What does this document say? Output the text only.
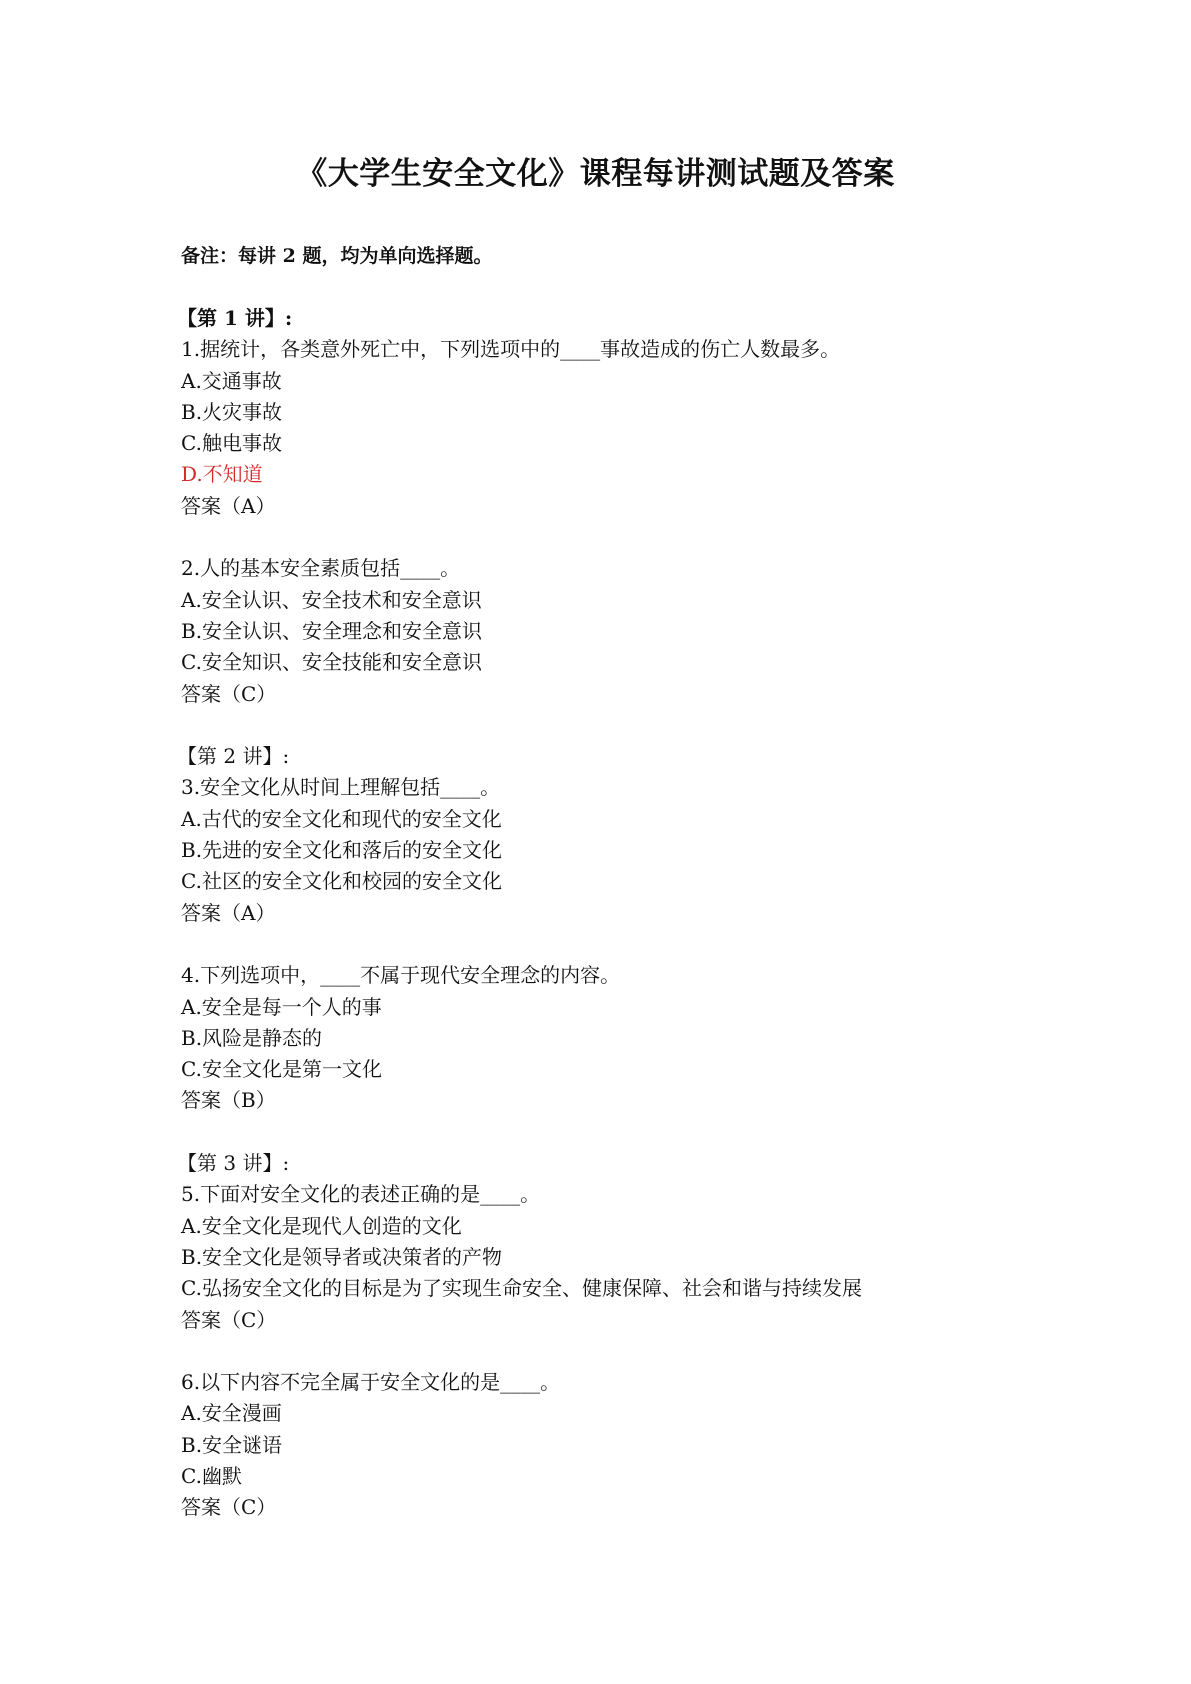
《大学生安全文化》课程每讲测试题及答案
备注：每讲 2 题，均为单向选择题。
【第 1 讲】:
1.据统计，各类意外死亡中，下列选项中的____事故造成的伤亡人数最多。
A.交通事故
B.火灾事故
C.触电事故
D.不知道
答案（A）
2.人的基本安全素质包括____。
A.安全认识、安全技术和安全意识
B.安全认识、安全理念和安全意识
C.安全知识、安全技能和安全意识
答案（C）
【第 2 讲】:
3.安全文化从时间上理解包括____。
A.古代的安全文化和现代的安全文化
B.先进的安全文化和落后的安全文化
C.社区的安全文化和校园的安全文化
答案（A）
4.下列选项中，____不属于现代安全理念的内容。
A.安全是每一个人的事
B.风险是静态的
C.安全文化是第一文化
答案（B）
【第 3 讲】:
5.下面对安全文化的表述正确的是____。
A.安全文化是现代人创造的文化
B.安全文化是领导者或决策者的产物
C.弘扬安全文化的目标是为了实现生命安全、健康保障、社会和谐与持续发展
答案（C）
6.以下内容不完全属于安全文化的是____。
A.安全漫画
B.安全谜语
C.幽默
答案（C）
